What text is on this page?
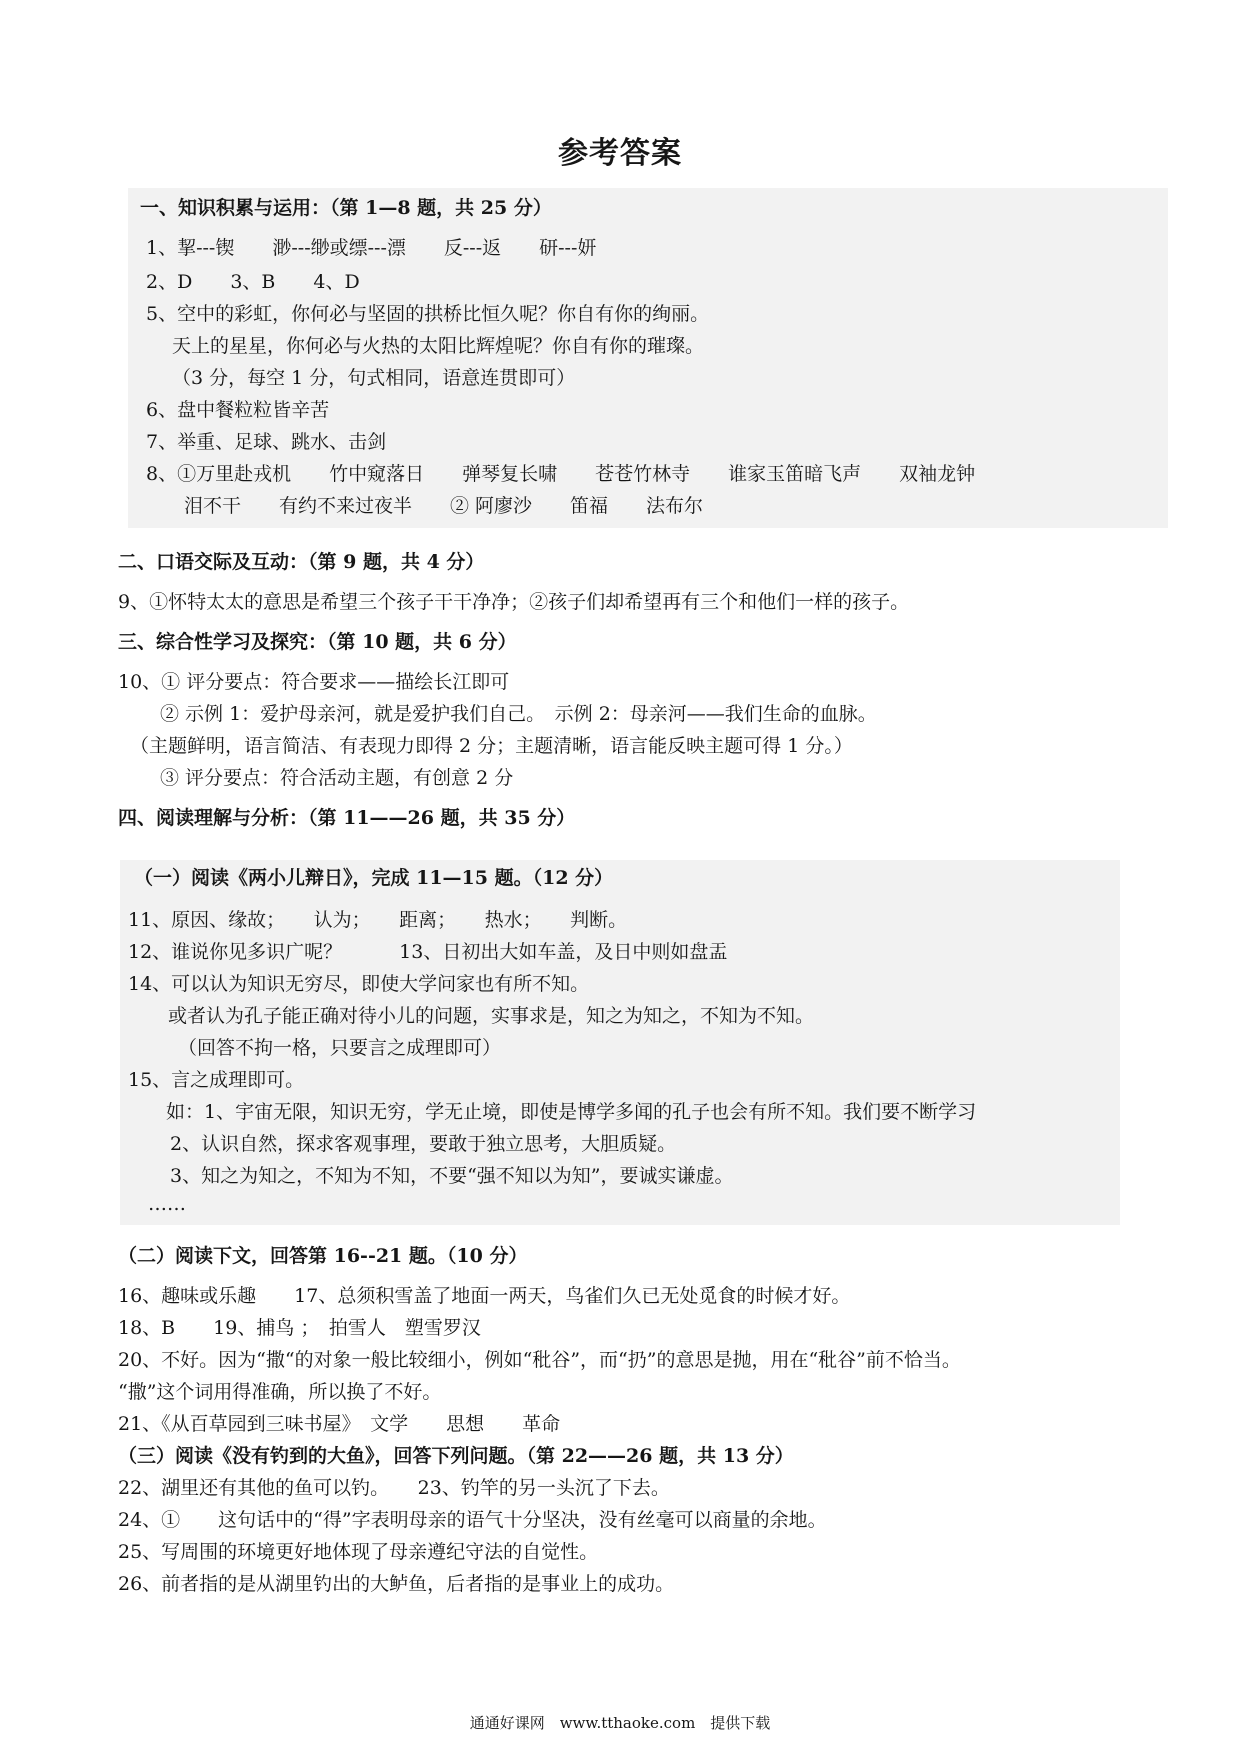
参考答案
一、知识积累与运用：（第 1—8 题，共 25 分）
1、挈---锲　　渺---缈或缥---漂　　反---返　　研---妍
2、D　　3、B　　4、D
5、空中的彩虹，你何必与坚固的拱桥比恒久呢？你自有你的绚丽。
天上的星星，你何必与火热的太阳比辉煌呢？你自有你的璀璨。
（3 分，每空 1 分，句式相同，语意连贯即可）
6、盘中餐粒粒皆辛苦
7、举重、足球、跳水、击剑
8、①万里赴戎机　　竹中窥落日　　弹琴复长啸　　苍苍竹林寺　　谁家玉笛暗飞声　　双袖龙钟
泪不干　　有约不来过夜半　　② 阿廖沙　　笛福　　法布尔
二、口语交际及互动：（第 9 题，共 4 分）
9、①怀特太太的意思是希望三个孩子干干净净；②孩子们却希望再有三个和他们一样的孩子。
三、综合性学习及探究：（第 10 题，共 6 分）
10、① 评分要点：符合要求——描绘长江即可
② 示例 1：爱护母亲河，就是爱护我们自己。　示例 2：母亲河——我们生命的血脉。
（主题鲜明，语言简洁、有表现力即得 2 分；主题清晰，语言能反映主题可得 1 分。）
③ 评分要点：符合活动主题，有创意 2 分
四、阅读理解与分析：（第 11——26 题，共 35 分）
（一）阅读《两小儿辩日》，完成 11—15 题。（12 分）
11、原因、缘故；　　认为；　　距离；　　热水；　　判断。
12、谁说你见多识广呢？　　　13、日初出大如车盖，及日中则如盘盂
14、可以认为知识无穷尽，即使大学问家也有所不知。
或者认为孔子能正确对待小儿的问题，实事求是，知之为知之，不知为不知。
（回答不拘一格，只要言之成理即可）
15、言之成理即可。
如：1、宇宙无限，知识无穷，学无止境，即使是博学多闻的孔子也会有所不知。我们要不断学习
2、认识自然，探求客观事理，要敢于独立思考，大胆质疑。
3、知之为知之，不知为不知，不要“强不知以为知”，要诚实谦虚。
……
（二）阅读下文，回答第 16--21 题。（10 分）
16、趣味或乐趣　　17、总须积雪盖了地面一两天，鸟雀们久已无处觅食的时候才好。
18、B　　19、捕鸟 ；　拍雪人　塑雪罗汉
20、不好。因为“撒“的对象一般比较细小，例如“秕谷”，而“扔”的意思是抛，用在“秕谷”前不恰当。
“撒”这个词用得准确，所以换了不好。
21、《从百草园到三味书屋》　文学　　思想　　革命
（三）阅读《没有钓到的大鱼》，回答下列问题。（第 22——26 题，共 13 分）
22、湖里还有其他的鱼可以钓。　　23、钓竿的另一头沉了下去。
24、①　　这句话中的“得”字表明母亲的语气十分坚决，没有丝毫可以商量的余地。
25、写周围的环境更好地体现了母亲遵纪守法的自觉性。
26、前者指的是从湖里钓出的大鲈鱼，后者指的是事业上的成功。
通通好课网　www.tthaoke.com　提供下载
